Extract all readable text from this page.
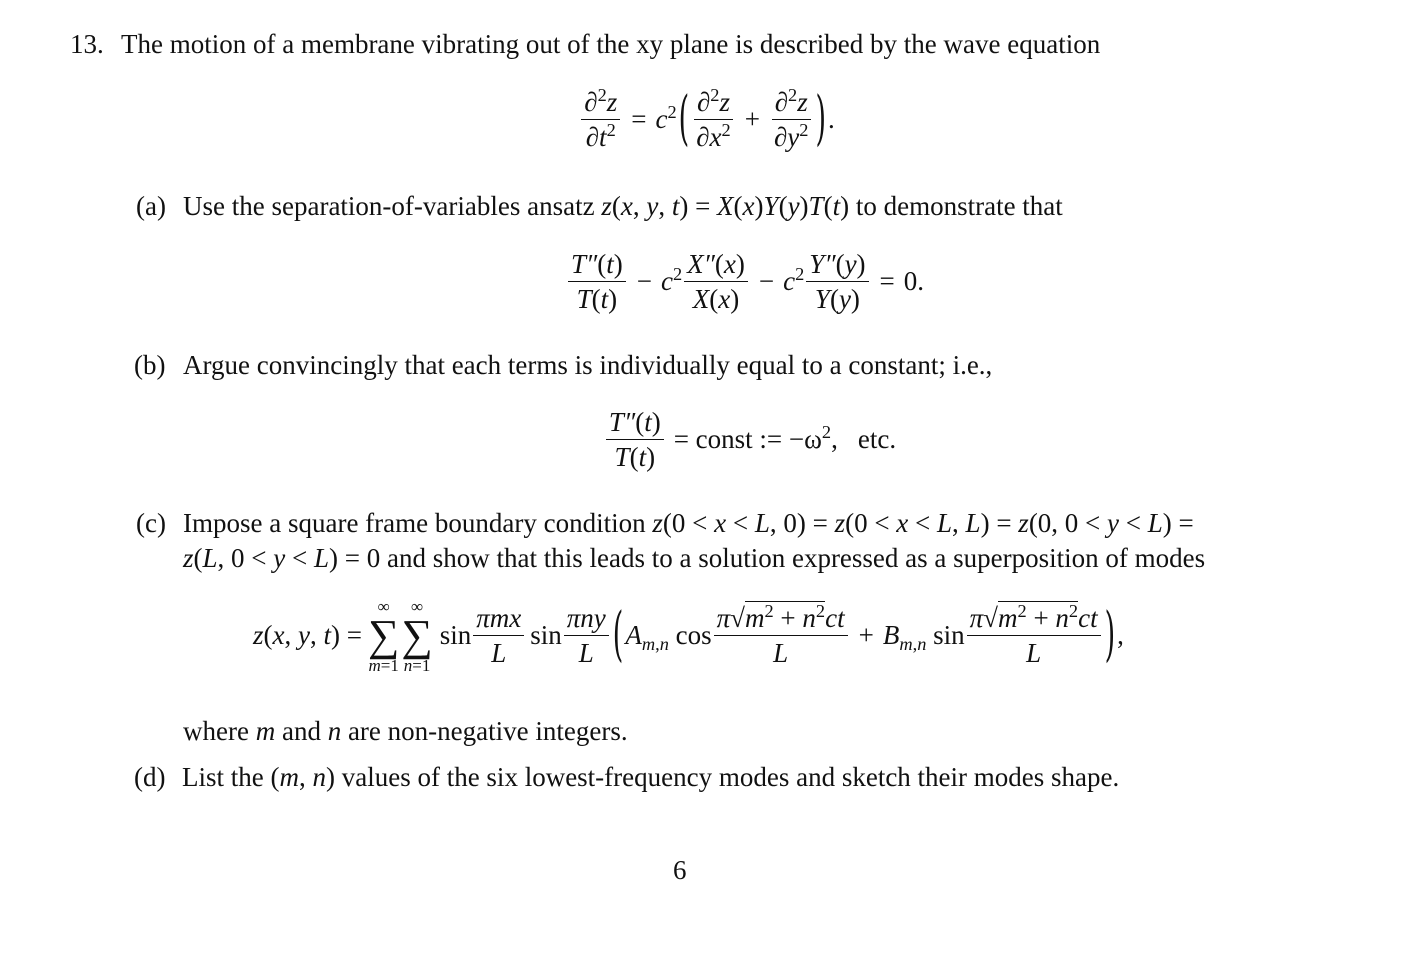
13. The motion of a membrane vibrating out of the xy plane is described by the wave equation
$\frac{\partial^2z}{\partial t^2} = c^2$ ( $\frac{\partial^2z}{\partial x^2} + \frac{\partial^2z}{\partial y^2}$ ) .
(a) Use the separation-of-variables ansatz z(x, y, t) = X(x)Y(y)T(t) to demonstrate that
$\frac{T''(t)}{T(t)} - c^2 \frac{X''(x)}{X(x)} - c^2 \frac{Y''(y)}{Y(y)} = 0$.
(b) Argue convincingly that each terms is individually equal to a constant; i.e.,
$\frac{T''(t)}{T(t)}$ = const := $-\omega^2$, etc.
(c) Impose a square frame boundary condition z(0 < x < L, 0) = z(0 < x < L, L) = z(0, 0 < y < L) =
z(L, 0 < y < L) = 0 and show that this leads to a solution expressed as a superposition of modes
z(x, y, t) =
∞
∑
m=1
∞
∑
n=1
$\sin \frac{\text{πmx}}{L}$ $\sin \frac{\text{πny}}{L}$ ( $A_{m,n}$ $\cos \frac{\pi√m^2 + n^2ct}{L} + B_{m,n}$ $\sin \frac{\pi√m^2 + n^2ct}{L}$ ) ,
where m and n are non-negative integers.
(d) List the (m, n) values of the six lowest-frequency modes and sketch their modes shape.
6
